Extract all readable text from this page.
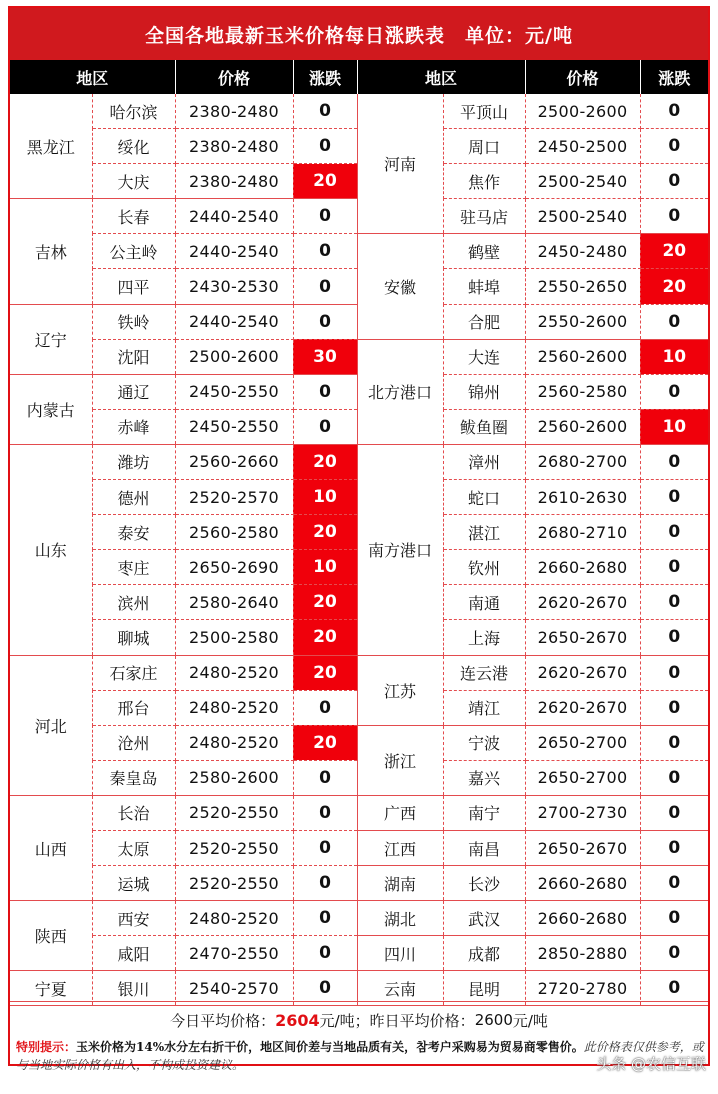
全国各地最新玉米价格每日涨跌表　单位：元/吨
地区		价格	涨跌	地区		价格	涨跌
黑龙江	哈尔滨	2380-2480	0	河南	平顶山	2500-2600	0
	绥化	2380-2480	0		周口	2450-2500	0
	大庆	2380-2480	20		焦作	2500-2540	0
吉林	长春	2440-2540	0		驻马店	2500-2540	0
	公主岭	2440-2540	0	安徽	鹤壁	2450-2480	20
	四平	2430-2530	0		蚌埠	2550-2650	20
辽宁	铁岭	2440-2540	0		合肥	2550-2600	0
	沈阳	2500-2600	30	北方港口	大连	2560-2600	10
内蒙古	通辽	2450-2550	0		锦州	2560-2580	0
	赤峰	2450-2550	0		鲅鱼圈	2560-2600	10
山东	潍坊	2560-2660	20	南方港口	漳州	2680-2700	0
	德州	2520-2570	10		蛇口	2610-2630	0
	泰安	2560-2580	20		湛江	2680-2710	0
	枣庄	2650-2690	10		钦州	2660-2680	0
	滨州	2580-2640	20		南通	2620-2670	0
	聊城	2500-2580	20		上海	2650-2670	0
河北	石家庄	2480-2520	20	江苏	连云港	2620-2670	0
	邢台	2480-2520	0		靖江	2620-2670	0
	沧州	2480-2520	20	浙江	宁波	2650-2700	0
	秦皇岛	2580-2600	0		嘉兴	2650-2700	0
山西	长治	2520-2550	0	广西	南宁	2700-2730	0
	太原	2520-2550	0	江西	南昌	2650-2670	0
	运城	2520-2550	0	湖南	长沙	2660-2680	0
陕西	西安	2480-2520	0	湖北	武汉	2660-2680	0
	咸阳	2470-2550	0	四川	成都	2850-2880	0
宁夏	银川	2540-2570	0	云南	昆明	2720-2780	0
今日平均价格： 2604 元/吨； 昨日平均价格： 2600 元/吨
特别提示：玉米价格为14%水分左右折干价，地区间价差与当地品质有关，참考户采购易为贸易商零售价。此价格表仅供参考，或与当地实际价格有出入，不构成投资建议。	头条 @农信互联
